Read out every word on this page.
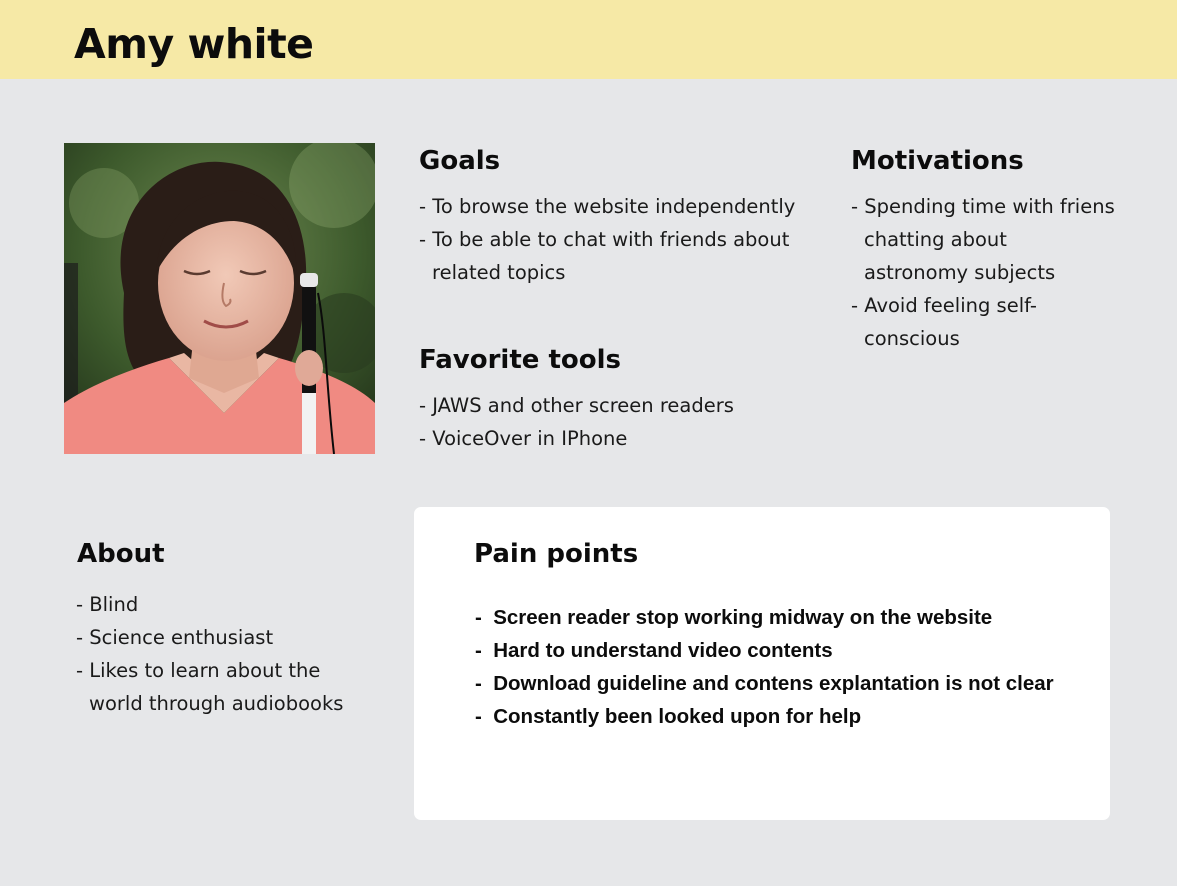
Amy white
Goals
- To browse the website independently
- To be able to chat with friends about related topics
Motivations
- Spending time with friens chatting about astronomy subjects
- Avoid feeling self-conscious
Favorite tools
- JAWS and other screen readers
- VoiceOver in IPhone
About
- Blind
- Science enthusiast
- Likes to learn about the world through audiobooks
Pain points
- Screen reader stop working midway on the website
- Hard to understand video contents
- Download guideline and contens explantation is not clear
- Constantly been looked upon for help
